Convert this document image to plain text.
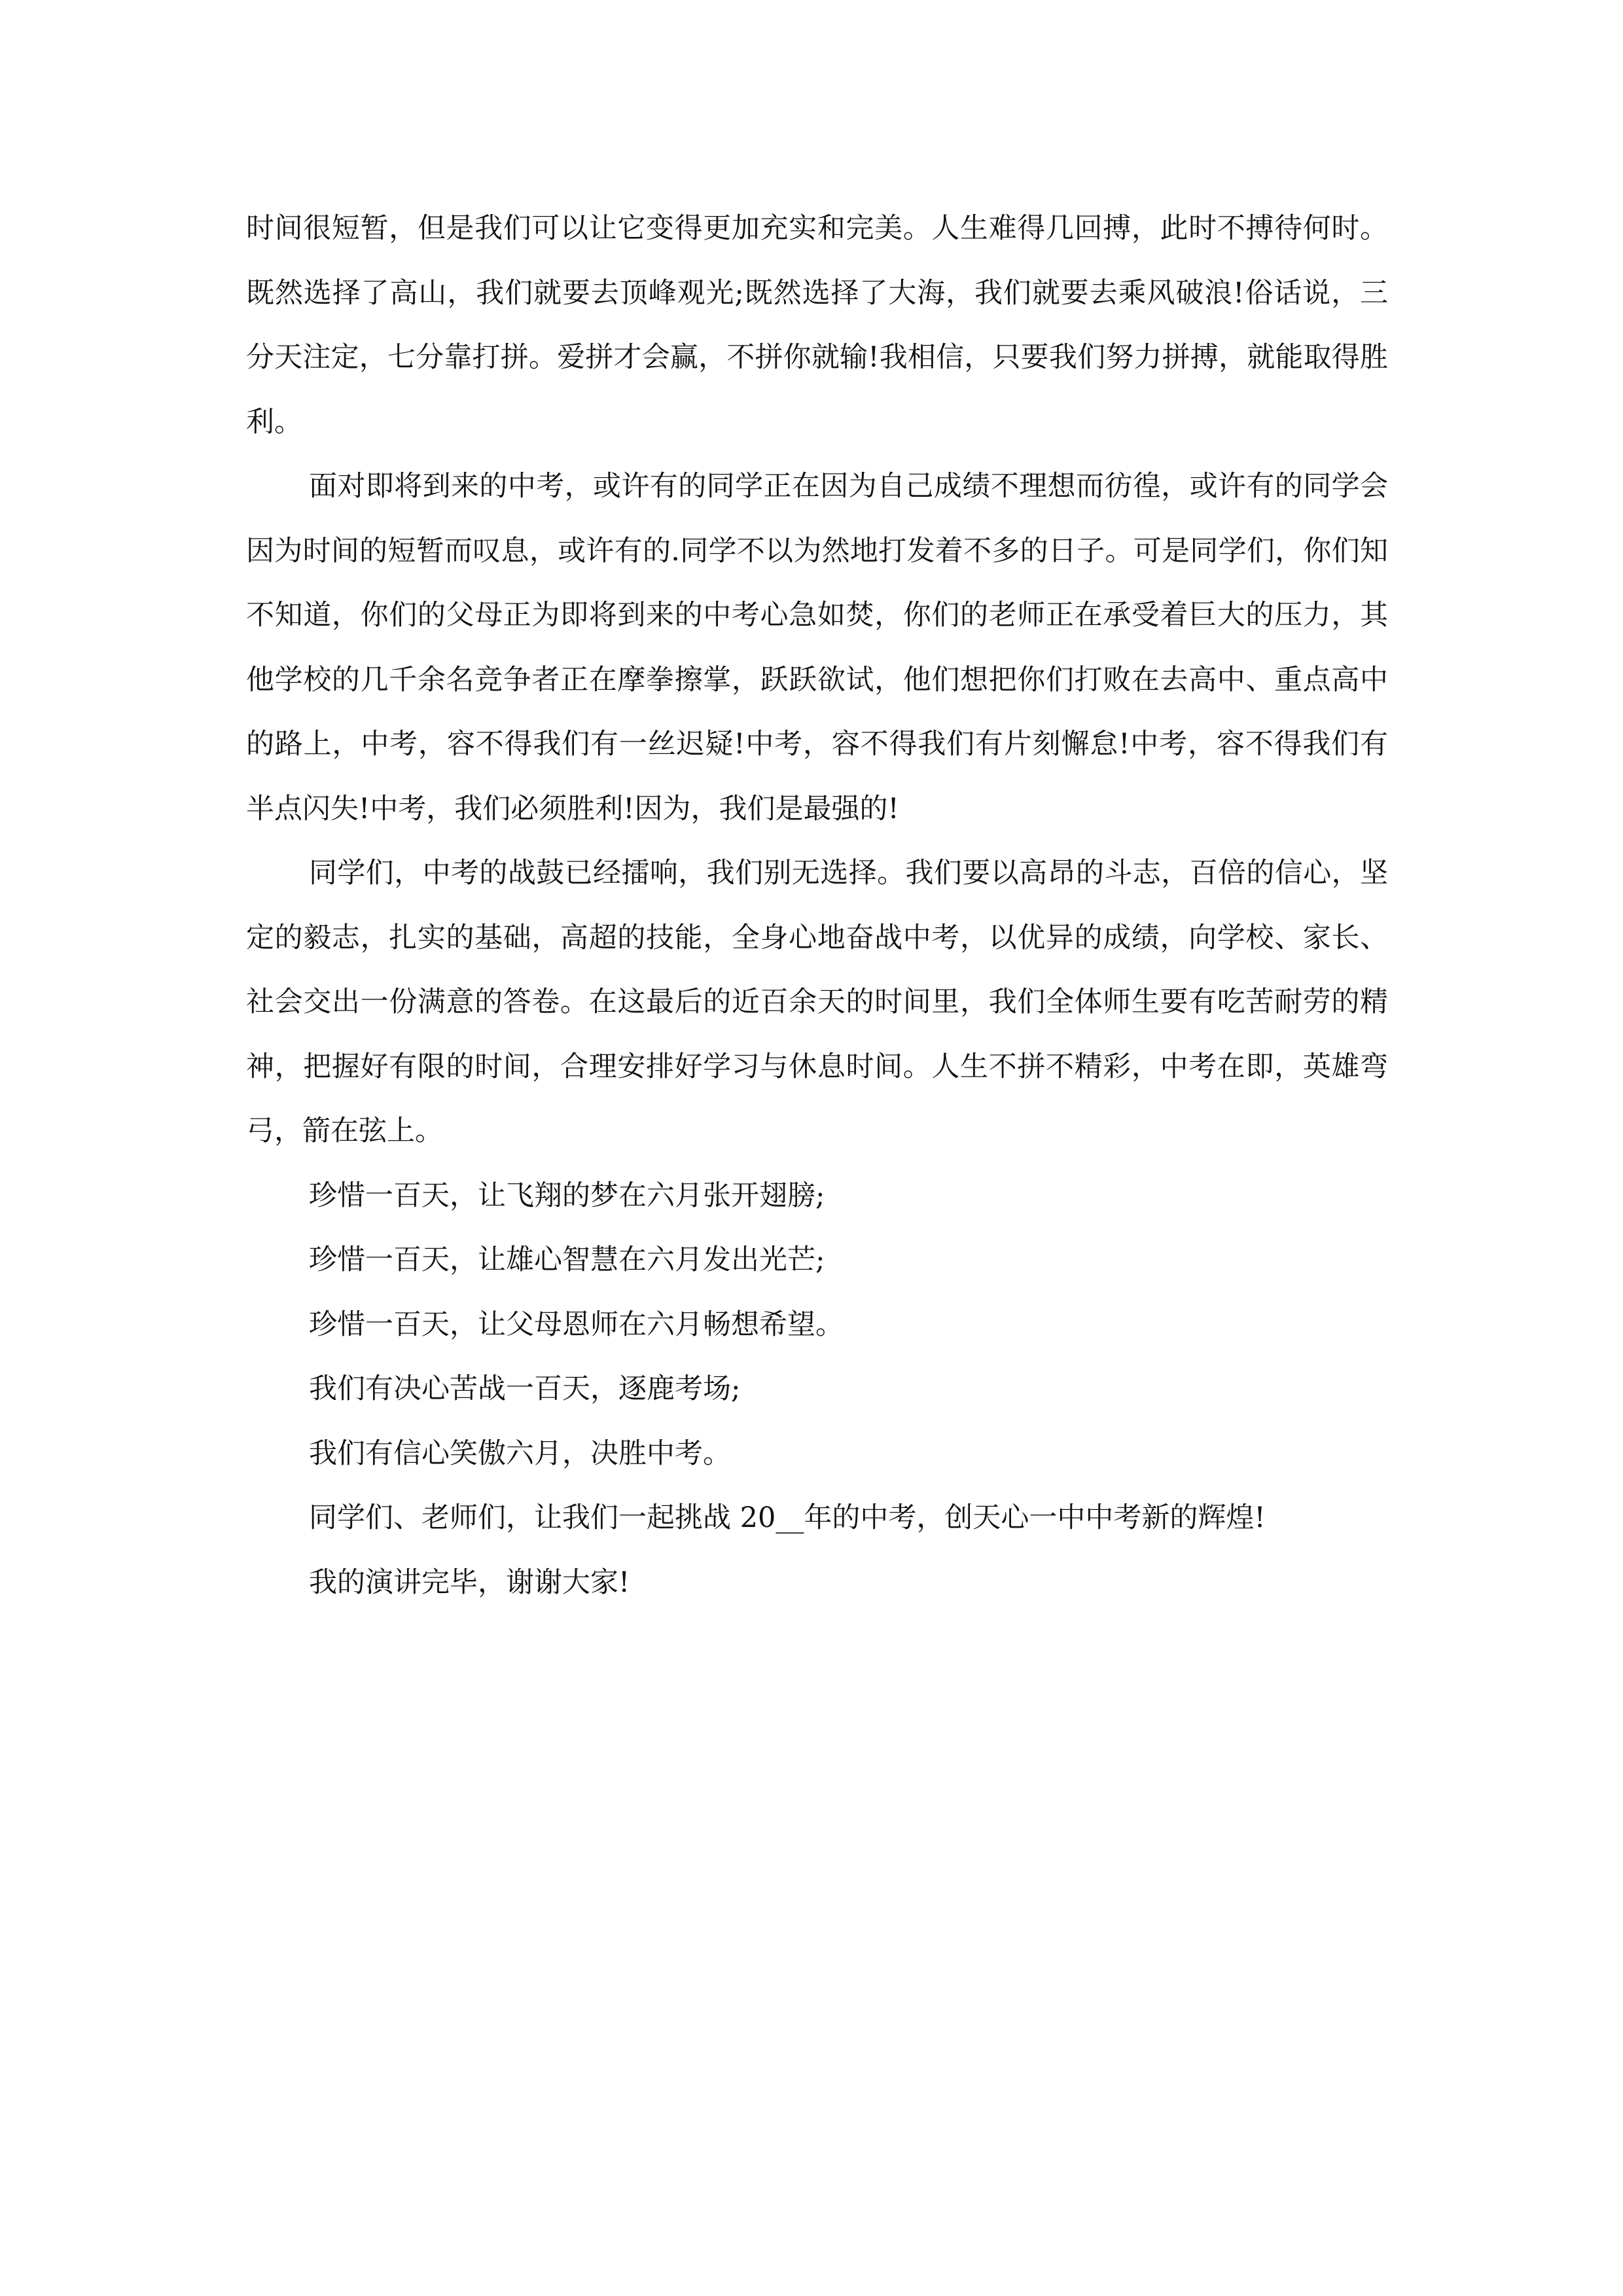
时间很短暂，但是我们可以让它变得更加充实和完美。人生难得几回搏，此时不搏待何时。既然选择了高山，我们就要去顶峰观光;既然选择了大海，我们就要去乘风破浪!俗话说，三分天注定，七分靠打拼。爱拼才会赢，不拼你就输!我相信，只要我们努力拼搏，就能取得胜利。

面对即将到来的中考，或许有的同学正在因为自己成绩不理想而彷徨，或许有的同学会因为时间的短暂而叹息，或许有的.同学不以为然地打发着不多的日子。可是同学们，你们知不知道，你们的父母正为即将到来的中考心急如焚，你们的老师正在承受着巨大的压力，其他学校的几千余名竞争者正在摩拳擦掌，跃跃欲试，他们想把你们打败在去高中、重点高中的路上，中考，容不得我们有一丝迟疑!中考，容不得我们有片刻懈怠!中考，容不得我们有半点闪失!中考，我们必须胜利!因为，我们是最强的!

同学们，中考的战鼓已经擂响，我们别无选择。我们要以高昂的斗志，百倍的信心，坚定的毅志，扎实的基础，高超的技能，全身心地奋战中考，以优异的成绩，向学校、家长、社会交出一份满意的答卷。在这最后的近百余天的时间里，我们全体师生要有吃苦耐劳的精神，把握好有限的时间，合理安排好学习与休息时间。人生不拼不精彩，中考在即，英雄弯弓，箭在弦上。

珍惜一百天，让飞翔的梦在六月张开翅膀;

珍惜一百天，让雄心智慧在六月发出光芒;

珍惜一百天，让父母恩师在六月畅想希望。

我们有决心苦战一百天，逐鹿考场;

我们有信心笑傲六月，决胜中考。

同学们、老师们，让我们一起挑战 20__年的中考，创天心一中中考新的辉煌!

我的演讲完毕，谢谢大家!
